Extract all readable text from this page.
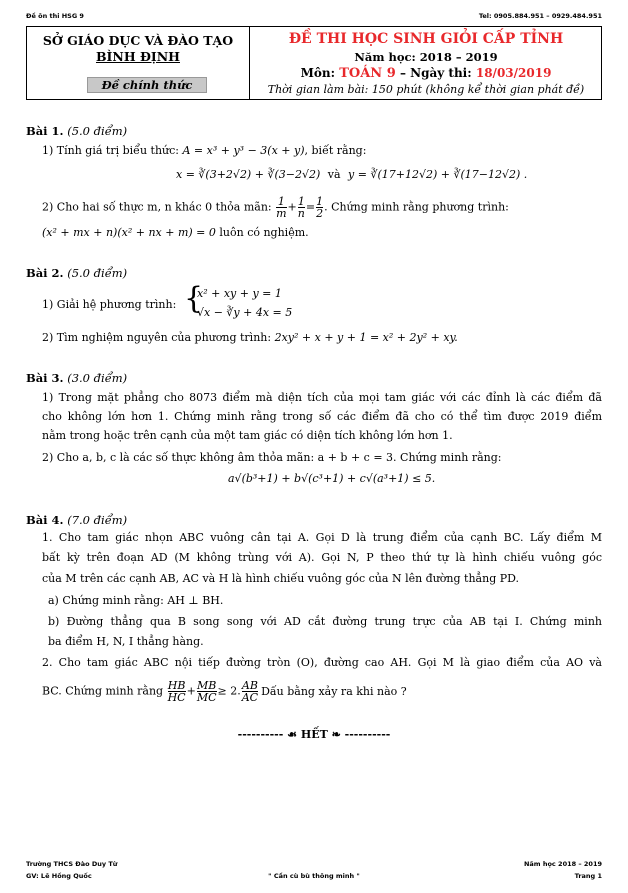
Đề ôn thi HSG 9	Tel: 0905.884.951 – 0929.484.951
SỞ GIÁO DỤC VÀ ĐÀO TẠO
BÌNH ĐỊNH
Đề chính thức
ĐỀ THI HỌC SINH GIỎI CẤP TỈNH
Năm học: 2018 – 2019
Môn: TOÁN 9 – Ngày thi: 18/03/2019
Thời gian làm bài: 150 phút (không kể thời gian phát đề)
Bài 1. (5.0 điểm)
1) Tính giá trị biểu thức: A = x³ + y³ − 3(x + y), biết rằng:
x = ∛(3+2√2) + ∛(3−2√2) và y = ∛(17+12√2) + ∛(17−12√2) .
2) Cho hai số thực m, n khác 0 thỏa mãn: $\frac{1}{m} + \frac{1}{n} = \frac{1}{2}$ . Chứng minh rằng phương trình:
(x² + mx + n)(x² + nx + m) = 0 luôn có nghiệm.
Bài 2. (5.0 điểm)
1) Giải hệ phương trình: {
x² + xy + y = 1
√x − ∛y + 4x = 5
2) Tìm nghiệm nguyên của phương trình: 2xy² + x + y + 1 = x² + 2y² + xy.
Bài 3. (3.0 điểm)
1) Trong mặt phẳng cho 8073 điểm mà diện tích của mọi tam giác với các đỉnh là các điểm đã
cho không lớn hơn 1. Chứng minh rằng trong số các điểm đã cho có thể tìm được 2019 điểm
nằm trong hoặc trên cạnh của một tam giác có diện tích không lớn hơn 1.
2) Cho a, b, c là các số thực không âm thỏa mãn: a + b + c = 3. Chứng minh rằng:
a√(b³+1) + b√(c³+1) + c√(a³+1) ≤ 5.
Bài 4. (7.0 điểm)
1. Cho tam giác nhọn ABC vuông cân tại A. Gọi D là trung điểm của cạnh BC. Lấy điểm M
bất kỳ trên đoạn AD (M không trùng với A). Gọi N, P theo thứ tự là hình chiếu vuông góc
của M trên các cạnh AB, AC và H là hình chiếu vuông góc của N lên đường thẳng PD.
a) Chứng minh rằng: AH ⊥ BH.
b) Đường thẳng qua B song song với AD cắt đường trung trực của AB tại I. Chứng minh
ba điểm H, N, I thẳng hàng.
2. Cho tam giác ABC nội tiếp đường tròn (O), đường cao AH. Gọi M là giao điểm của AO và
BC. Chứng minh rằng $\frac{HB}{HC} + \frac{MB}{MC} \ge 2$. $\frac{AB}{AC}$ Dấu bằng xảy ra khi nào ?
---------- ☙ HẾT ❧ ----------
Trường THCS Đào Duy Từ
GV: Lê Hồng Quốc	" Cần cù bù thông minh "
Năm học 2018 – 2019
Trang 1
